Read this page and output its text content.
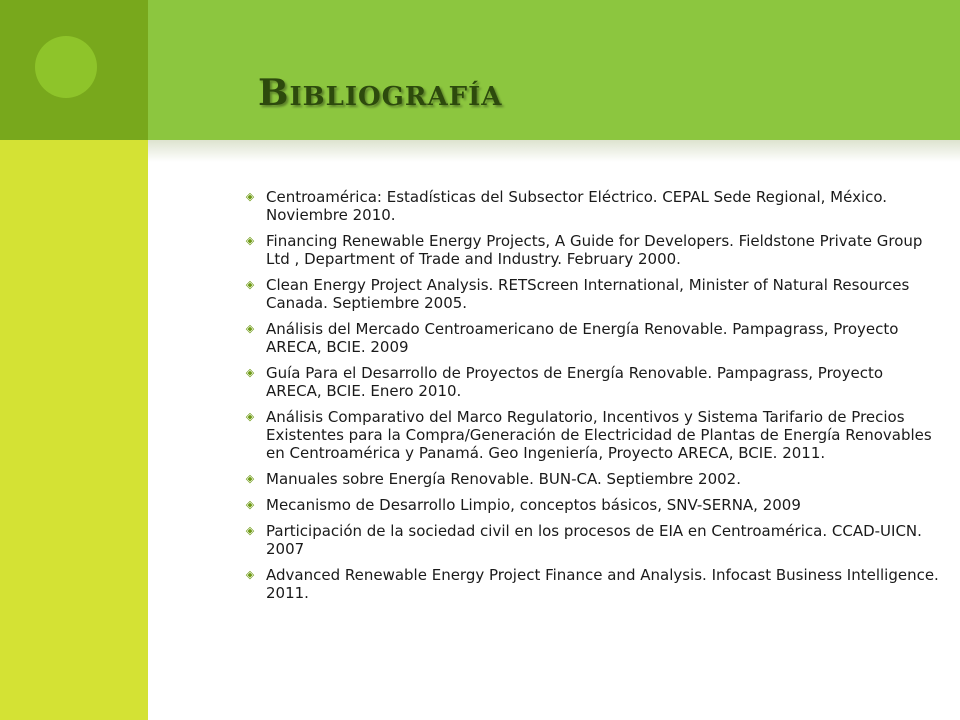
BIBLIOGRAFÍA
◈ Centroamérica: Estadísticas del Subsector Eléctrico. CEPAL Sede Regional, México. Noviembre 2010.
◈ Financing Renewable Energy Projects, A Guide for Developers. Fieldstone Private Group Ltd , Department of Trade and Industry. February 2000.
◈ Clean Energy Project Analysis. RETScreen International, Minister of Natural Resources Canada. Septiembre 2005.
◈ Análisis del Mercado Centroamericano de Energía Renovable. Pampagrass, Proyecto ARECA, BCIE. 2009
◈ Guía Para el Desarrollo de Proyectos de Energía Renovable. Pampagrass, Proyecto ARECA, BCIE. Enero 2010.
◈ Análisis Comparativo del Marco Regulatorio, Incentivos y Sistema Tarifario de Precios Existentes para la Compra/Generación de Electricidad de Plantas de Energía Renovables en Centroamérica y Panamá. Geo Ingeniería, Proyecto ARECA, BCIE. 2011.
◈ Manuales sobre Energía Renovable. BUN-CA. Septiembre 2002.
◈ Mecanismo de Desarrollo Limpio, conceptos básicos, SNV-SERNA, 2009
◈ Participación de la sociedad civil en los procesos de EIA en Centroamérica. CCAD-UICN. 2007
◈ Advanced Renewable Energy Project Finance and Analysis. Infocast Business Intelligence. 2011.
